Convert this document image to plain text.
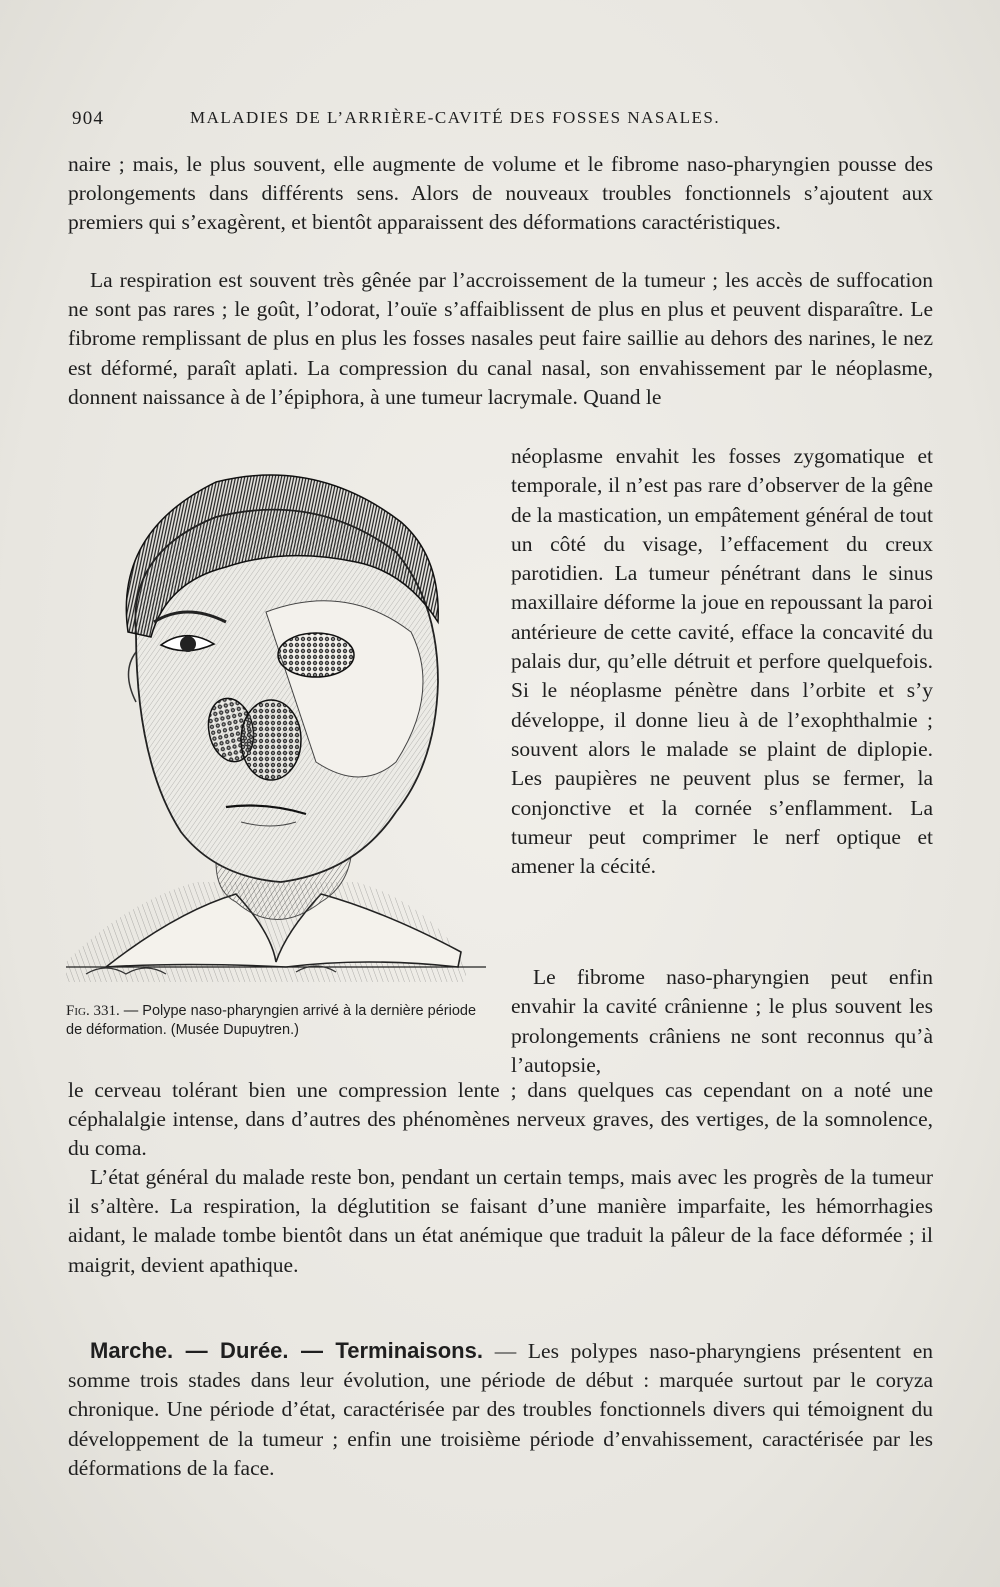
904	MALADIES DE L’ARRIÈRE-CAVITÉ DES FOSSES NASALES.

naire ; mais, le plus souvent, elle augmente de volume et le fibrome naso-pharyngien pousse des prolongements dans différents sens. Alors de nouveaux troubles fonctionnels s’ajoutent aux premiers qui s’exagèrent, et bientôt apparaissent des déformations caractéristiques.

La respiration est souvent très gênée par l’accroissement de la tumeur ; les accès de suffocation ne sont pas rares ; le goût, l’odorat, l’ouïe s’affaiblissent de plus en plus et peuvent disparaître. Le fibrome remplissant de plus en plus les fosses nasales peut faire saillie au dehors des narines, le nez est déformé, paraît aplati. La compression du canal nasal, son envahissement par le néoplasme, donnent naissance à de l’épiphora, à une tumeur lacrymale. Quand le

néoplasme envahit les fosses zygomatique et temporale, il n’est pas rare d’observer de la gêne de la mastication, un empâtement général de tout un côté du visage, l’effacement du creux parotidien. La tumeur pénétrant dans le sinus maxillaire déforme la joue en repoussant la paroi antérieure de cette cavité, efface la concavité du palais dur, qu’elle détruit et perfore quelquefois. Si le néoplasme pénètre dans l’orbite et s’y développe, il donne lieu à de l’exophthalmie ; souvent alors le malade se plaint de diplopie. Les paupières ne peuvent plus se fermer, la conjonctive et la cornée s’enflamment. La tumeur peut comprimer le nerf optique et amener la cécité.

Le fibrome naso-pharyngien peut enfin envahir la cavité crânienne ; le plus souvent les prolongements crâniens ne sont reconnus qu’à l’autopsie,

Fig. 331. — Polype naso-pharyngien arrivé à la dernière période de déformation. (Musée Dupuytren.)

le cerveau tolérant bien une compression lente ; dans quelques cas cependant on a noté une céphalalgie intense, dans d’autres des phénomènes nerveux graves, des vertiges, de la somnolence, du coma.

L’état général du malade reste bon, pendant un certain temps, mais avec les progrès de la tumeur il s’altère. La respiration, la déglutition se faisant d’une manière imparfaite, les hémorrhagies aidant, le malade tombe bientôt dans un état anémique que traduit la pâleur de la face déformée ; il maigrit, devient apathique.

Marche. — Durée. — Terminaisons. — Les polypes naso-pharyngiens présentent en somme trois stades dans leur évolution, une période de début : marquée surtout par le coryza chronique. Une période d’état, caractérisée par des troubles fonctionnels divers qui témoignent du développement de la tumeur ; enfin une troisième période d’envahissement, caractérisée par les déformations de la face.
